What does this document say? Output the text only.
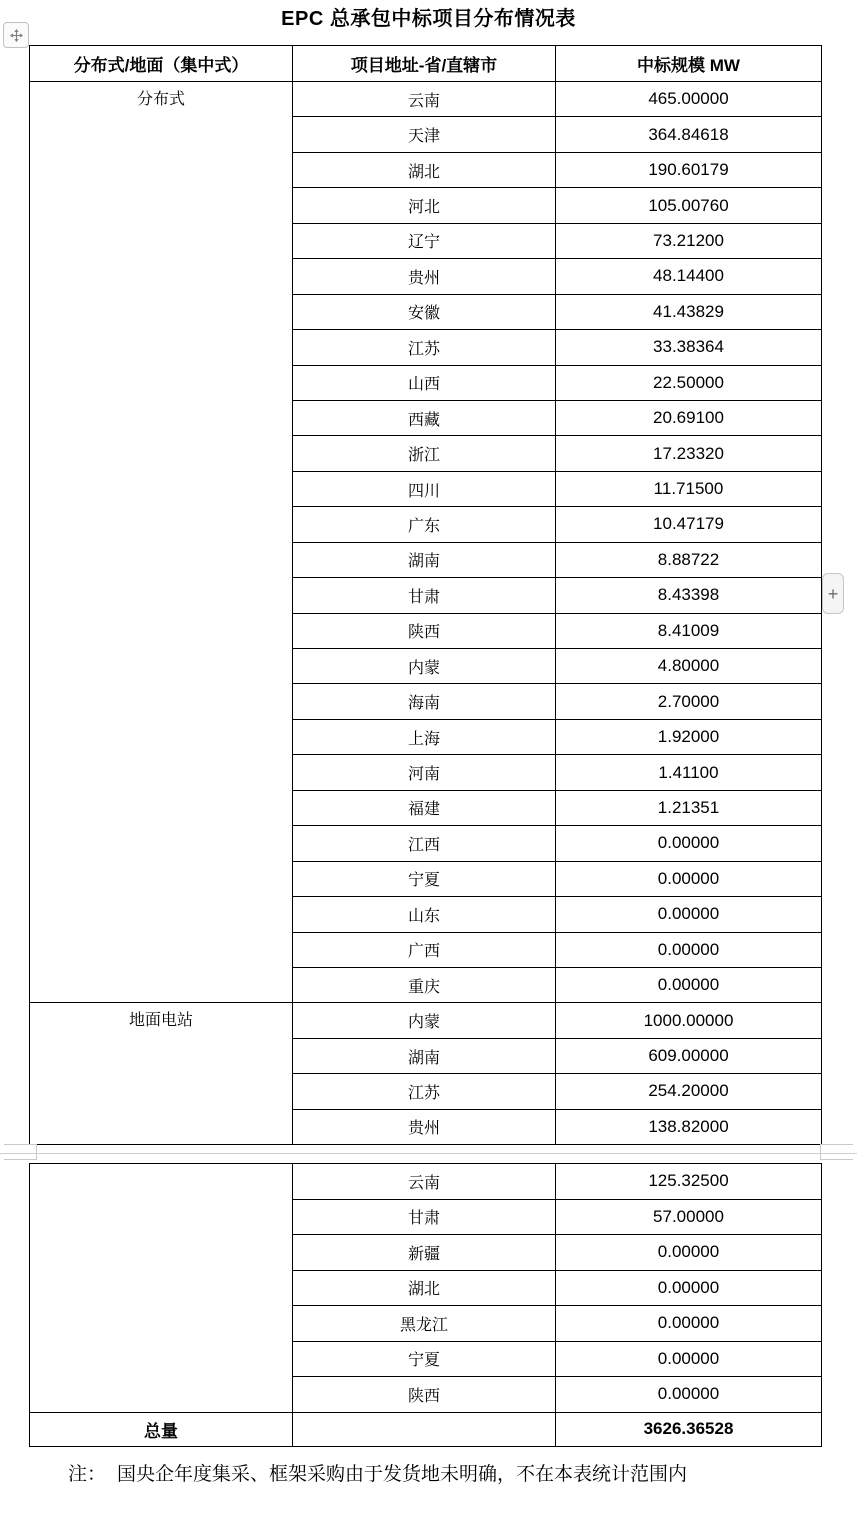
EPC 总承包中标项目分布情况表
分布式/地面（集中式）	项目地址-省/直辖市	中标规模 MW
分布式	云南	465.00000
	天津	364.84618
	湖北	190.60179
	河北	105.00760
	辽宁	73.21200
	贵州	48.14400
	安徽	41.43829
	江苏	33.38364
	山西	22.50000
	西藏	20.69100
	浙江	17.23320
	四川	11.71500
	广东	10.47179
	湖南	8.88722
	甘肃	8.43398
	陕西	8.41009
	内蒙	4.80000
	海南	2.70000
	上海	1.92000
	河南	1.41100
	福建	1.21351
	江西	0.00000
	宁夏	0.00000
	山东	0.00000
	广西	0.00000
	重庆	0.00000
地面电站	内蒙	1000.00000
	湖南	609.00000
	江苏	254.20000
	贵州	138.82000
	云南	125.32500
	甘肃	57.00000
	新疆	0.00000
	湖北	0.00000
	黑龙江	0.00000
	宁夏	0.00000
	陕西	0.00000
总量		3626.36528
注： 国央企年度集采、框架采购由于发货地未明确，不在本表统计范围内
+
